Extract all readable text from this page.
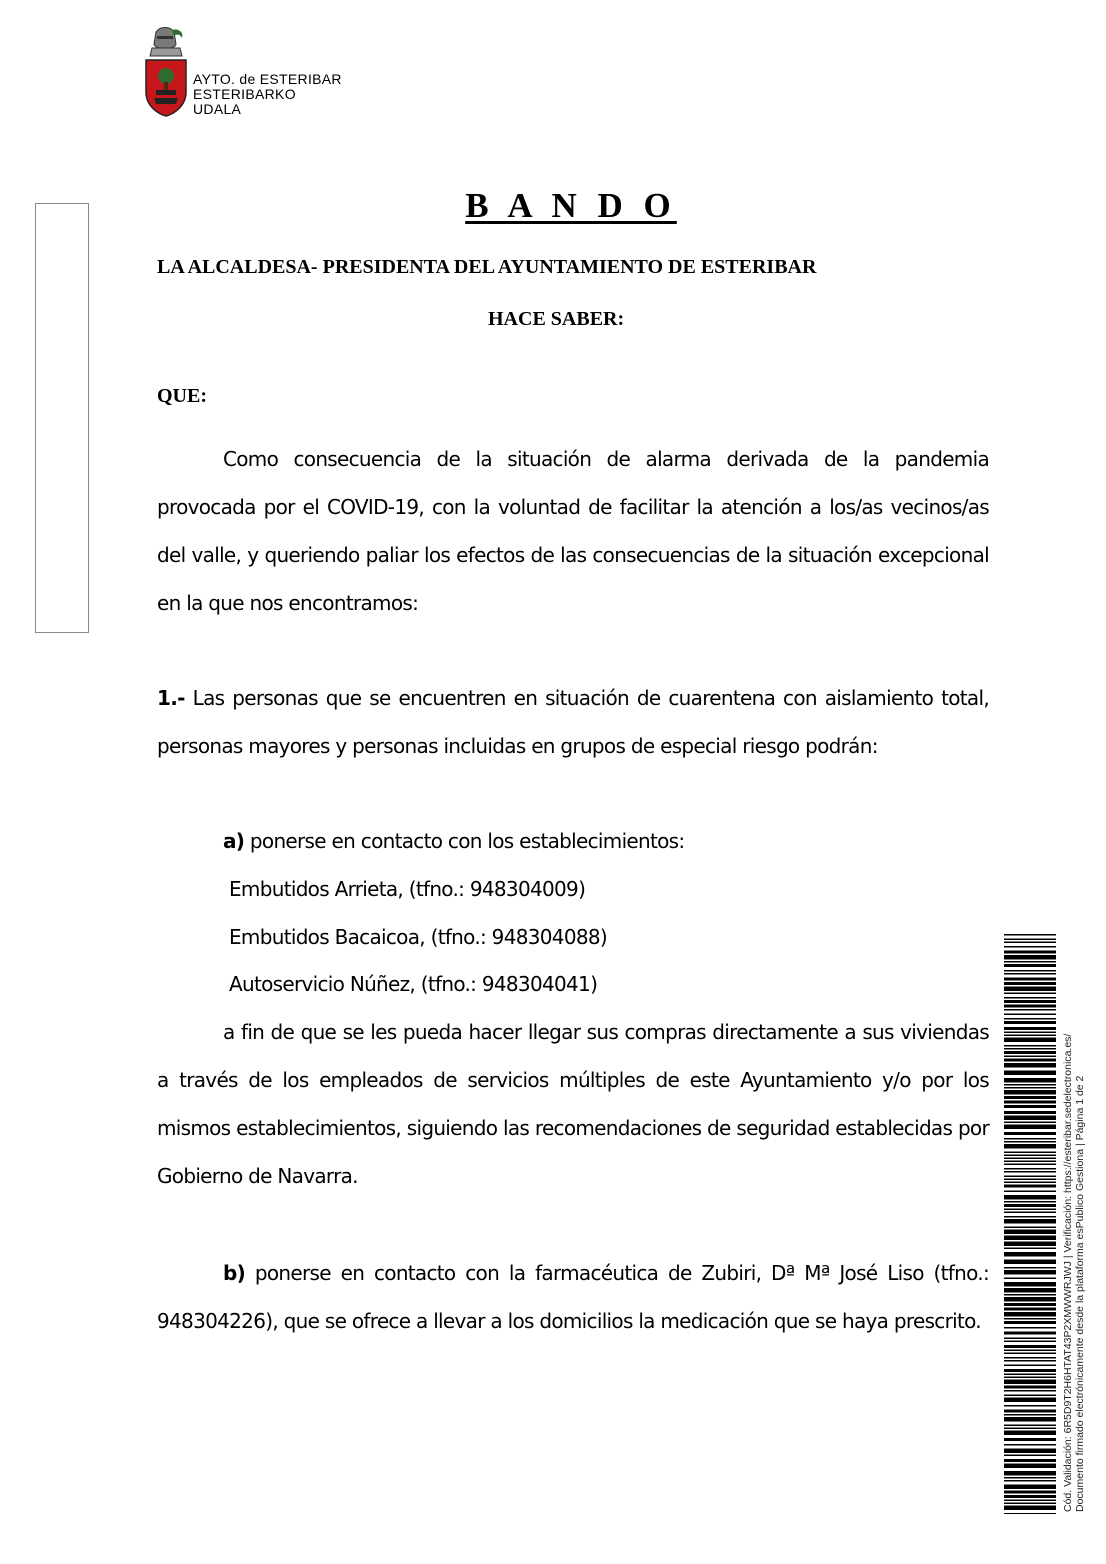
AYTO. de ESTERIBAR
ESTERIBARKO UDALA
B A N D O
LA ALCALDESA- PRESIDENTA DEL AYUNTAMIENTO DE ESTERIBAR
HACE SABER:
QUE:
Como consecuencia de la situación de alarma derivada de la pandemia provocada por el COVID-19, con la voluntad de facilitar la atención a los/as vecinos/as del valle, y queriendo paliar los efectos de las consecuencias de la situación excepcional en la que nos encontramos:
1.- Las personas que se encuentren en situación de cuarentena con aislamiento total, personas mayores y personas incluidas en grupos de especial riesgo podrán:
a) ponerse en contacto con los establecimientos:
Embutidos Arrieta, (tfno.: 948304009)
Embutidos Bacaicoa, (tfno.: 948304088)
Autoservicio Núñez, (tfno.: 948304041)
a fin de que se les pueda hacer llegar sus compras directamente a sus viviendas a través de los empleados de servicios múltiples de este Ayuntamiento y/o por los mismos establecimientos, siguiendo las recomendaciones de seguridad establecidas por Gobierno de Navarra.
b) ponerse en contacto con la farmacéutica de Zubiri, Dª Mª José Liso (tfno.: 948304226), que se ofrece a llevar a los domicilios la medicación que se haya prescrito.	Cód. Validación: 6R5D9T2H6HTAT43P2XMWWRJWJ | Verificación: https://esteribar.sedelectronica.es/ Documento firmado electrónicamente desde la plataforma esPublico Gestiona | Página 1 de 2
